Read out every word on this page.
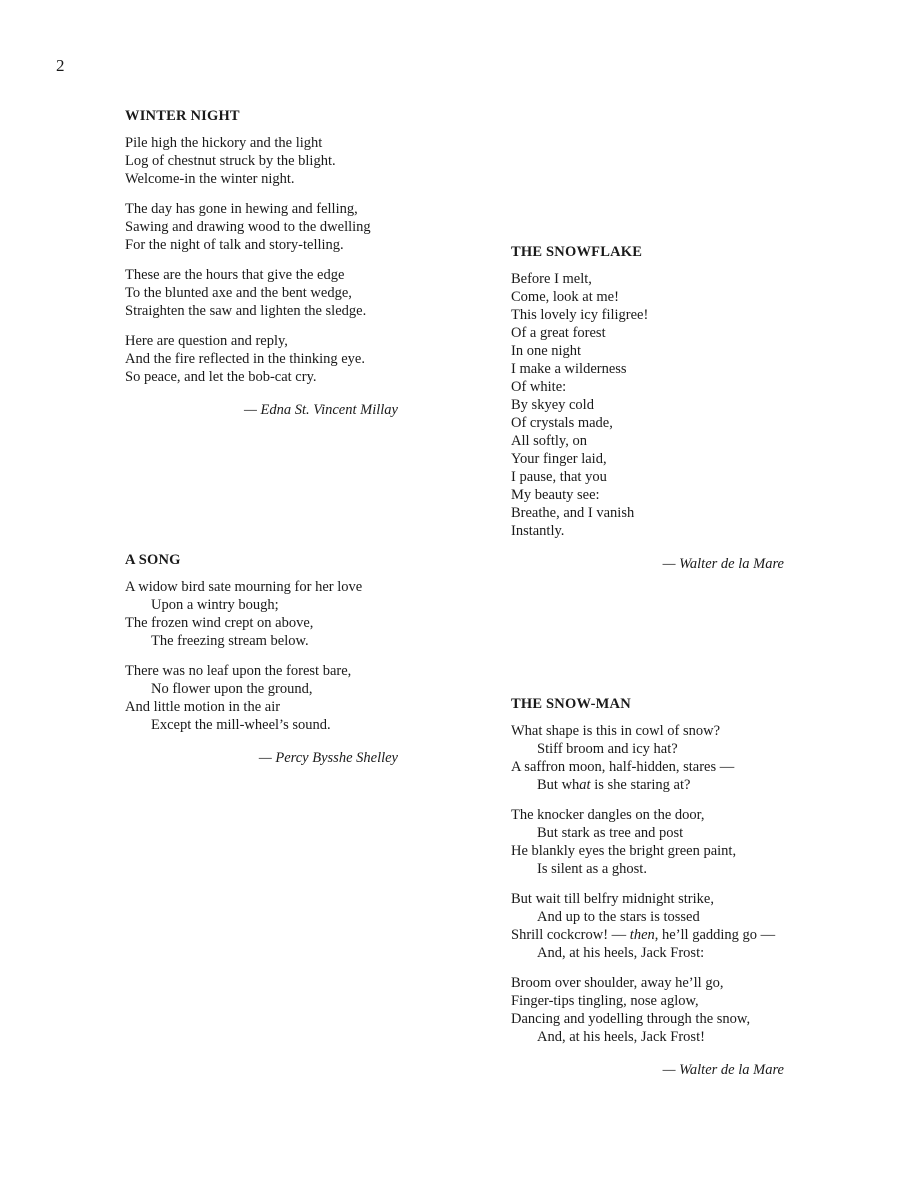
2
WINTER NIGHT
Pile high the hickory and the light
Log of chestnut struck by the blight.
Welcome-in the winter night.
The day has gone in hewing and felling,
Sawing and drawing wood to the dwelling
For the night of talk and story-telling.
These are the hours that give the edge
To the blunted axe and the bent wedge,
Straighten the saw and lighten the sledge.
Here are question and reply,
And the fire reflected in the thinking eye.
So peace, and let the bob-cat cry.
— Edna St. Vincent Millay
THE SNOWFLAKE
Before I melt,
Come, look at me!
This lovely icy filigree!
Of a great forest
In one night
I make a wilderness
Of white:
By skyey cold
Of crystals made,
All softly, on
Your finger laid,
I pause, that you
My beauty see:
Breathe, and I vanish
Instantly.
— Walter de la Mare
A SONG
A widow bird sate mourning for her love
Upon a wintry bough;
The frozen wind crept on above,
The freezing stream below.
There was no leaf upon the forest bare,
No flower upon the ground,
And little motion in the air
Except the mill-wheel’s sound.
— Percy Bysshe Shelley
THE SNOW-MAN
What shape is this in cowl of snow?
Stiff broom and icy hat?
A saffron moon, half-hidden, stares —
But what is she staring at?
The knocker dangles on the door,
But stark as tree and post
He blankly eyes the bright green paint,
Is silent as a ghost.
But wait till belfry midnight strike,
And up to the stars is tossed
Shrill cockcrow! — then, he’ll gadding go —
And, at his heels, Jack Frost:
Broom over shoulder, away he’ll go,
Finger-tips tingling, nose aglow,
Dancing and yodelling through the snow,
And, at his heels, Jack Frost!
— Walter de la Mare
